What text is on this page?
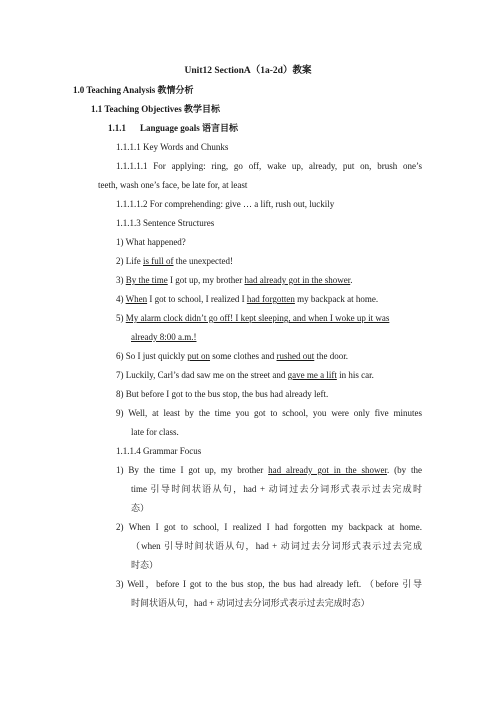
Unit12 SectionA（1a-2d）教案
1.0 Teaching Analysis 教情分析
1.1 Teaching Objectives 教学目标
1.1.1 Language goals 语言目标
1.1.1.1 Key Words and Chunks
1.1.1.1.1 For applying: ring, go off, wake up, already, put on, brush one’s
teeth, wash one’s face, be late for, at least
1.1.1.1.2 For comprehending: give … a lift, rush out, luckily
1.1.1.3 Sentence Structures
1) What happened?
2) Life is full of the unexpected!
3) By the time I got up, my brother had already got in the shower.
4) When I got to school, I realized I had forgotten my backpack at home.
5) My alarm clock didn’t go off! I kept sleeping, and when I woke up it was
already 8:00 a.m.!
6) So I just quickly put on some clothes and rushed out the door.
7) Luckily, Carl’s dad saw me on the street and gave me a lift in his car.
8) But before I got to the bus stop, the bus had already left.
9) Well, at least by the time you got to school, you were only five minutes
late for class.
1.1.1.4 Grammar Focus
1) By the time I got up, my brother had already got in the shower. (by the
time 引导时间状语从句，had + 动词过去分词形式表示过去完成时
态）
2) When I got to school, I realized I had forgotten my backpack at home.
（when 引导时间状语从句，had + 动词过去分词形式表示过去完成
时态）
3) Well，before I got to the bus stop, the bus had already left. （before 引导
时间状语从句，had + 动词过去分词形式表示过去完成时态）
